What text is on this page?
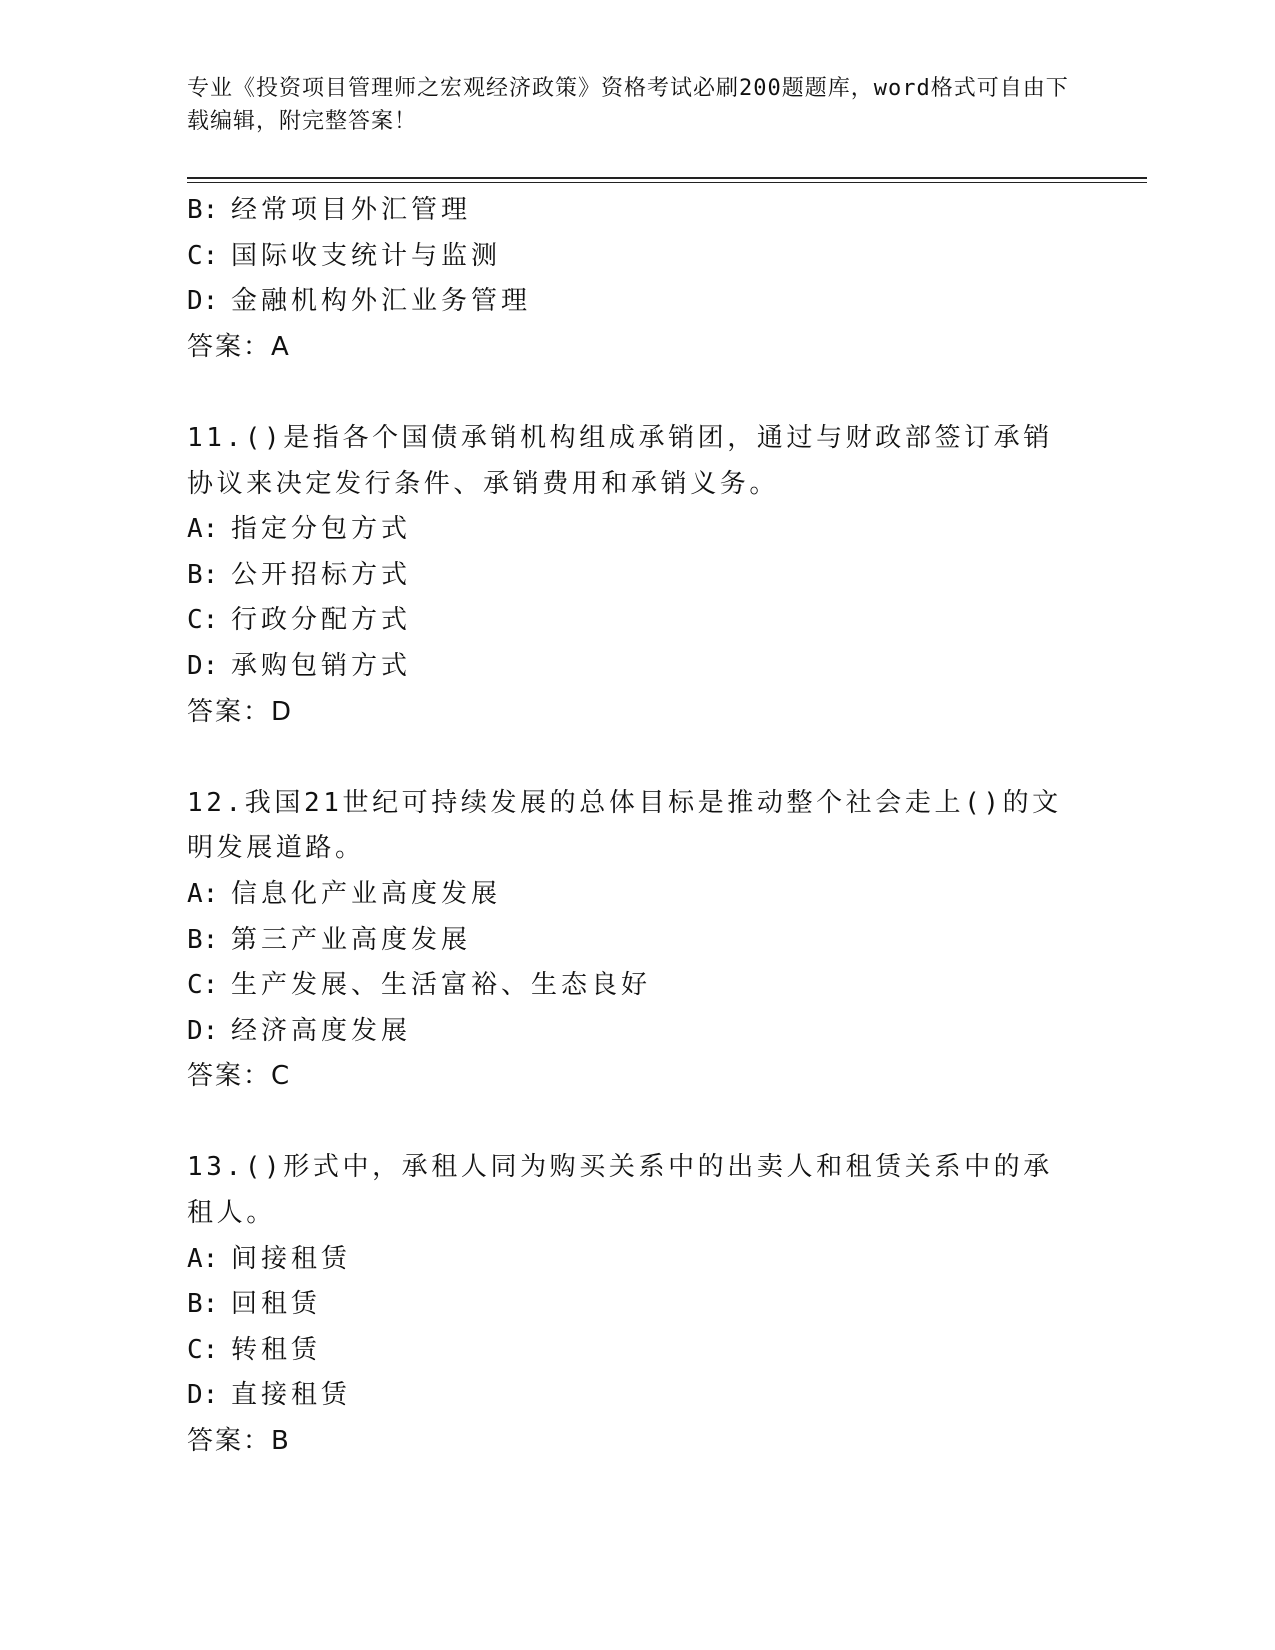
专业《投资项目管理师之宏观经济政策》资格考试必刷200题题库，word格式可自由下载编辑，附完整答案！
B: 经常项目外汇管理
C: 国际收支统计与监测
D: 金融机构外汇业务管理
答案：A
11.()是指各个国债承销机构组成承销团，通过与财政部签订承销协议来决定发行条件、承销费用和承销义务。
A: 指定分包方式
B: 公开招标方式
C: 行政分配方式
D: 承购包销方式
答案：D
12.我国21世纪可持续发展的总体目标是推动整个社会走上()的文明发展道路。
A: 信息化产业高度发展
B: 第三产业高度发展
C: 生产发展、生活富裕、生态良好
D: 经济高度发展
答案：C
13.()形式中，承租人同为购买关系中的出卖人和租赁关系中的承租人。
A: 间接租赁
B: 回租赁
C: 转租赁
D: 直接租赁
答案：B
